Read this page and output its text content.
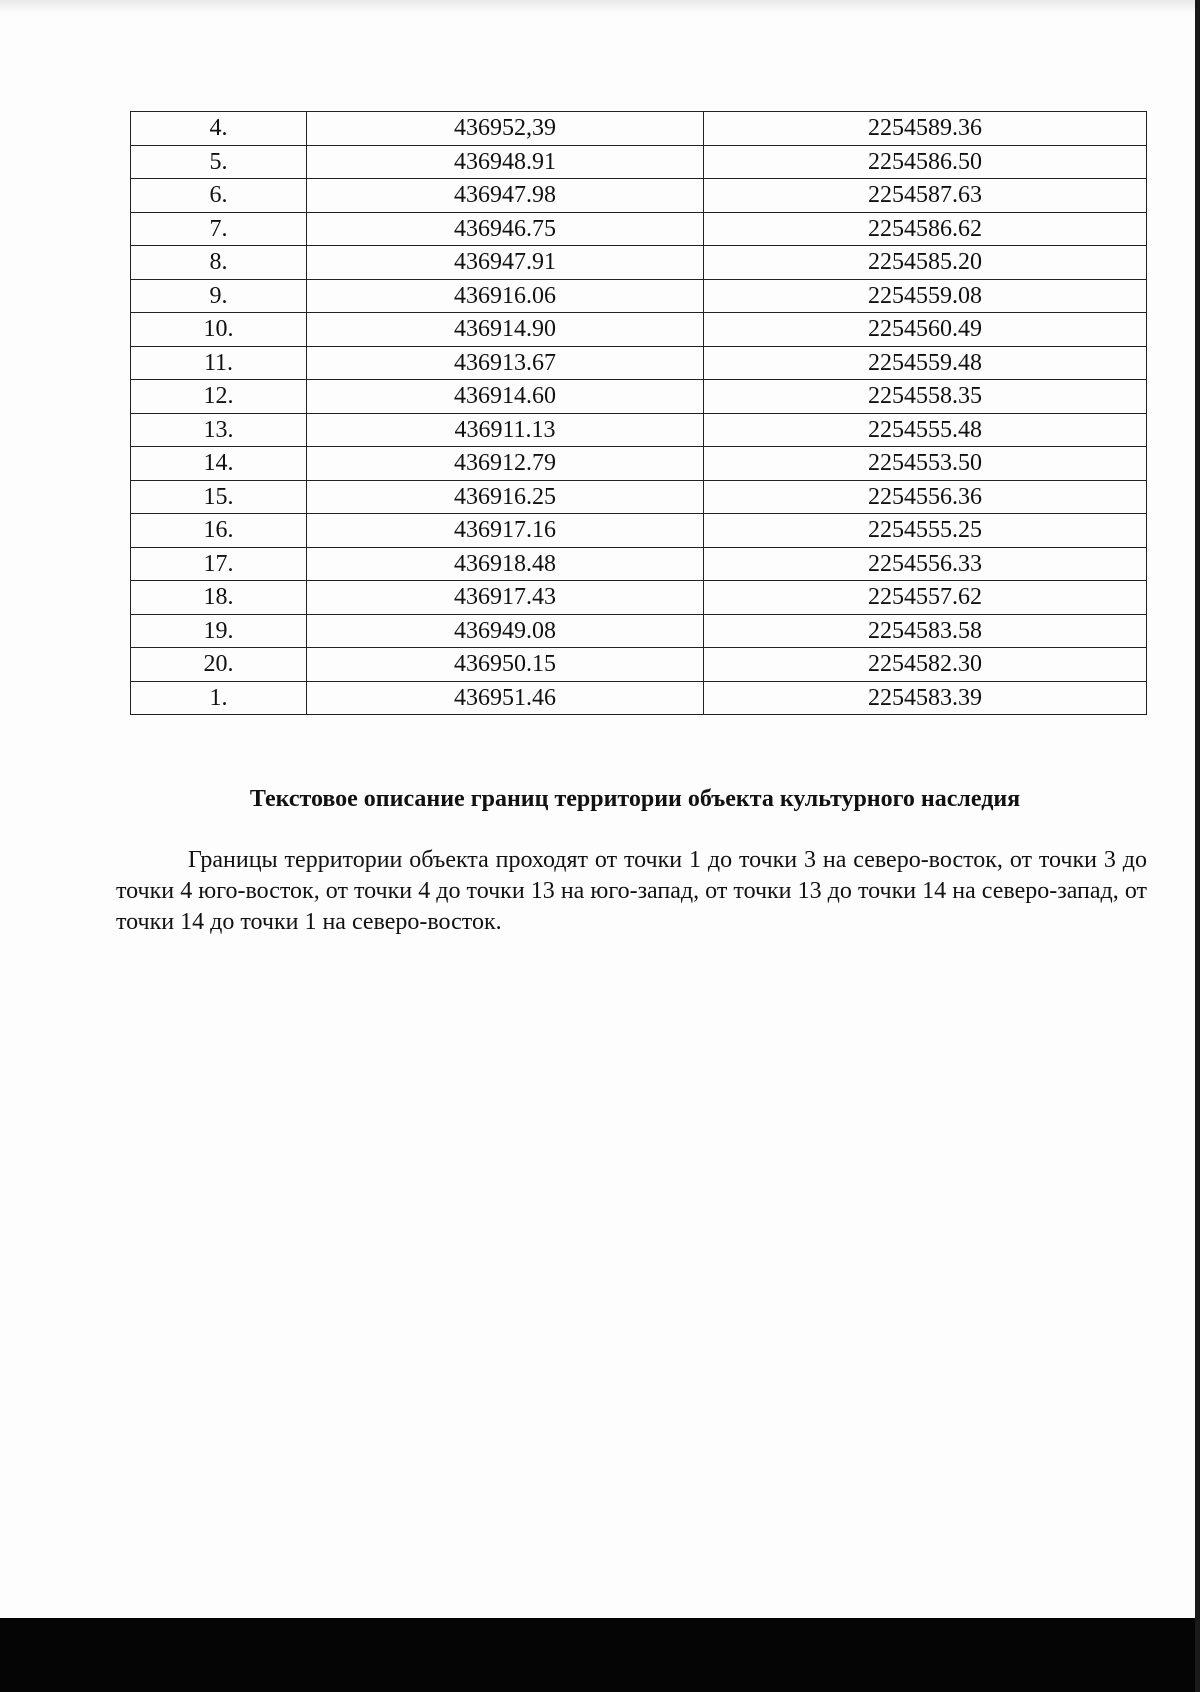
4.	436952,39	2254589.36
5.	436948.91	2254586.50
6.	436947.98	2254587.63
7.	436946.75	2254586.62
8.	436947.91	2254585.20
9.	436916.06	2254559.08
10.	436914.90	2254560.49
11.	436913.67	2254559.48
12.	436914.60	2254558.35
13.	436911.13	2254555.48
14.	436912.79	2254553.50
15.	436916.25	2254556.36
16.	436917.16	2254555.25
17.	436918.48	2254556.33
18.	436917.43	2254557.62
19.	436949.08	2254583.58
20.	436950.15	2254582.30
1.	436951.46	2254583.39
Текстовое описание границ территории объекта культурного наследия

Границы территории объекта проходят от точки 1 до точки 3 на северо-восток, от точки 3 до точки 4 юго-восток, от точки 4 до точки 13 на юго-запад, от точки 13 до точки 14 на северо-запад, от точки 14 до точки 1 на северо-восток.
